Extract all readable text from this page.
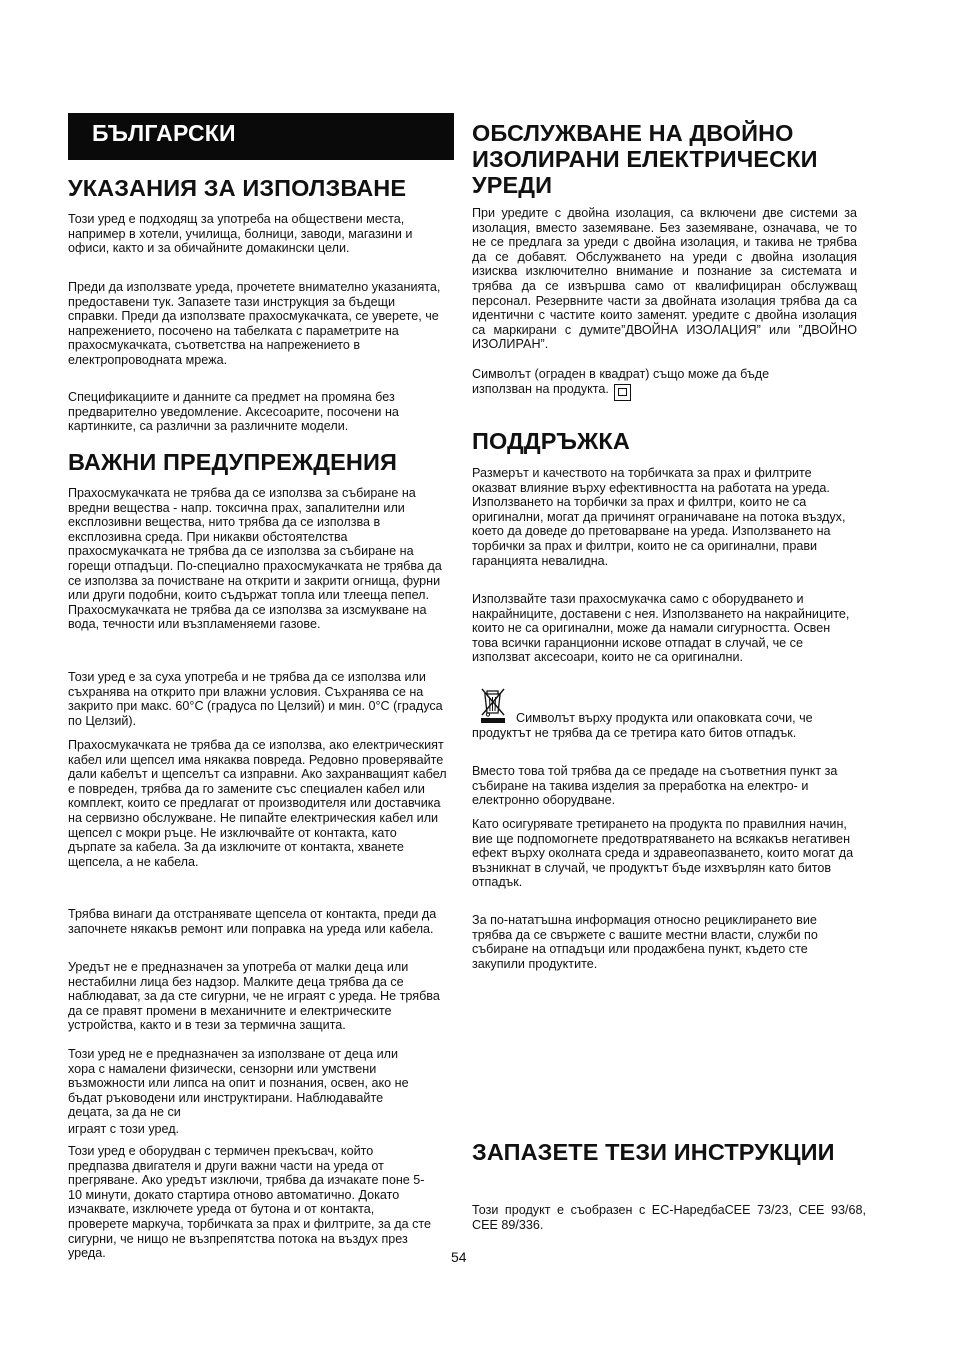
БЪЛГАРСКИ
УКАЗАНИЯ ЗА ИЗПОЛЗВАНЕ
Този уред е подходящ за употреба на обществени места, например в хотели, училища, болници, заводи, магазини и офиси, както и за обичайните домакински цели.
Преди да използвате уреда, прочетете внимателно указанията, предоставени тук. Запазете тази инструкция за бъдещи справки. Преди да използвате прахосмукачката, се уверете, че напрежението, посочено на табелката с параметрите на прахосмукачката, съответства на напрежението в електропроводната мрежа.
Спецификациите и данните са предмет на промяна без предварително уведомление. Аксесоарите, посочени на картинките, са различни за различните модели.
ВАЖНИ ПРЕДУПРЕЖДЕНИЯ
Прахосмукачката не трябва да се използва за събиране на вредни вещества - напр. токсична прах, запалителни или експлозивни вещества, нито трябва да се използва в експлозивна среда. При никакви обстоятелства прахосмукачката не трябва да се използва за събиране на горещи отпадъци. По-специално прахосмукачката не трябва да се използва за почистване на открити и закрити огнища, фурни или други подобни, които съдържат топла или тлееща пепел. Прахосмукачката не трябва да се използва за изсмукване на вода, течности или възпламеняеми газове.
Този уред е за суха употреба и не трябва да се използва или съхранява на открито при влажни условия. Съхранява се на закрито при макс. 60°C (градуса по Целзий) и мин. 0°C (градуса по Целзий).
Прахосмукачката не трябва да се използва, ако електрическият кабел или щепсел има някаква повреда. Редовно проверявайте дали кабелът и щепселът са изправни. Ако захранващият кабел е повреден, трябва да го замените със специален кабел или комплект, които се предлагат от производителя или доставчика на сервизно обслужване. Не пипайте електрическия кабел или щепсел с мокри ръце. Не изключвайте от контакта, като дърпате за кабела. За да изключите от контакта, хванете щепсела, а не кабела.
Трябва винаги да отстранявате щепсела от контакта, преди да започнете някакъв ремонт или поправка на уреда или кабела.
Уредът не е предназначен за употреба от малки деца или нестабилни лица без надзор. Малките деца трябва да се наблюдават, за да сте сигурни, че не играят с уреда. Не трябва да се правят промени в механичните и електрическите устройства, както и в тези за термична защита.
Този уред не е предназначен за използване от деца или хора с намалени физически, сензорни или умствени възможности или липса на опит и познания, освен, ако не бъдат ръководени или инструктирани. Наблюдавайте децата, за да не си
играят с този уред.
Този уред е оборудван с термичен прекъсвач, който предпазва двигателя и други важни части на уреда от прегряване. Ако уредът изключи, трябва да изчакате поне 5-10 минути, докато стартира отново автоматично. Докато изчаквате, изключете уреда от бутона и от контакта, проверете маркуча, торбичката за прах и филтрите, за да сте сигурни, че нищо не възпрепятства потока на въздух през уреда.
ОБСЛУЖВАНЕ НА ДВОЙНО ИЗОЛИРАНИ ЕЛЕКТРИЧЕСКИ УРЕДИ
При уредите с двойна изолация, са включени две системи за изолация, вместо заземяване. Без заземяване, означава, че то не се предлага за уреди с двойна изолация, и такива не трябва да се добавят. Обслужването на уреди с двойна изолация изисква изключително внимание и познание за системата и трябва да се извършва само от квалифициран обслужващ персонал. Резервните части за двойната изолация трябва да са идентични с частите които заменят. уредите с двойна изолация са маркирани с думите”ДВОЙНА ИЗОЛАЦИЯ” или ”ДВОЙНО ИЗОЛИРАН”.
Символът (ограден в квадрат) също може да бъде използван на продукта.
ПОДДРЪЖКА
Размерът и качеството на торбичката за прах и филтрите оказват влияние върху ефективността на работата на уреда. Използването на торбички за прах и филтри, които не са оригинални, могат да причинят ограничаване на потока въздух, което да доведе до претоварване на уреда. Използването на торбички за прах и филтри, които не са оригинални, прави гаранцията невалидна.
Използвайте тази прахосмукачка само с оборудването и накрайниците, доставени с нея. Използването на накрайниците, които не са оригинални, може да намали сигурността. Освен това всички гаранционни искове отпадат в случай, че се използват аксесоари, които не са оригинални.
Символът върху продукта или опаковката сочи, че продуктът не трябва да се третира като битов отпадък.
Вместо това той трябва да се предаде на съответния пункт за събиране на такива изделия за преработка на електро- и електронно оборудване.
Като осигурявате третирането на продукта по правилния начин, вие ще подпомогнете предотвратяването на всякакъв негативен ефект върху околната среда и здравеопазването, които могат да възникнат в случай, че продуктът бъде изхвърлян като битов отпадък.
За по-нататъшна информация относно рециклирането вие трябва да се свържете с вашите местни власти, служби по събиране на отпадъци или продажбена пункт, където сте закупили продуктите.
ЗАПАЗЕТЕ ТЕЗИ ИНСТРУКЦИИ
Този продукт е съобразен с ЕС-НаредбаCEE 73/23, CEE 93/68, CEE 89/336.
54
